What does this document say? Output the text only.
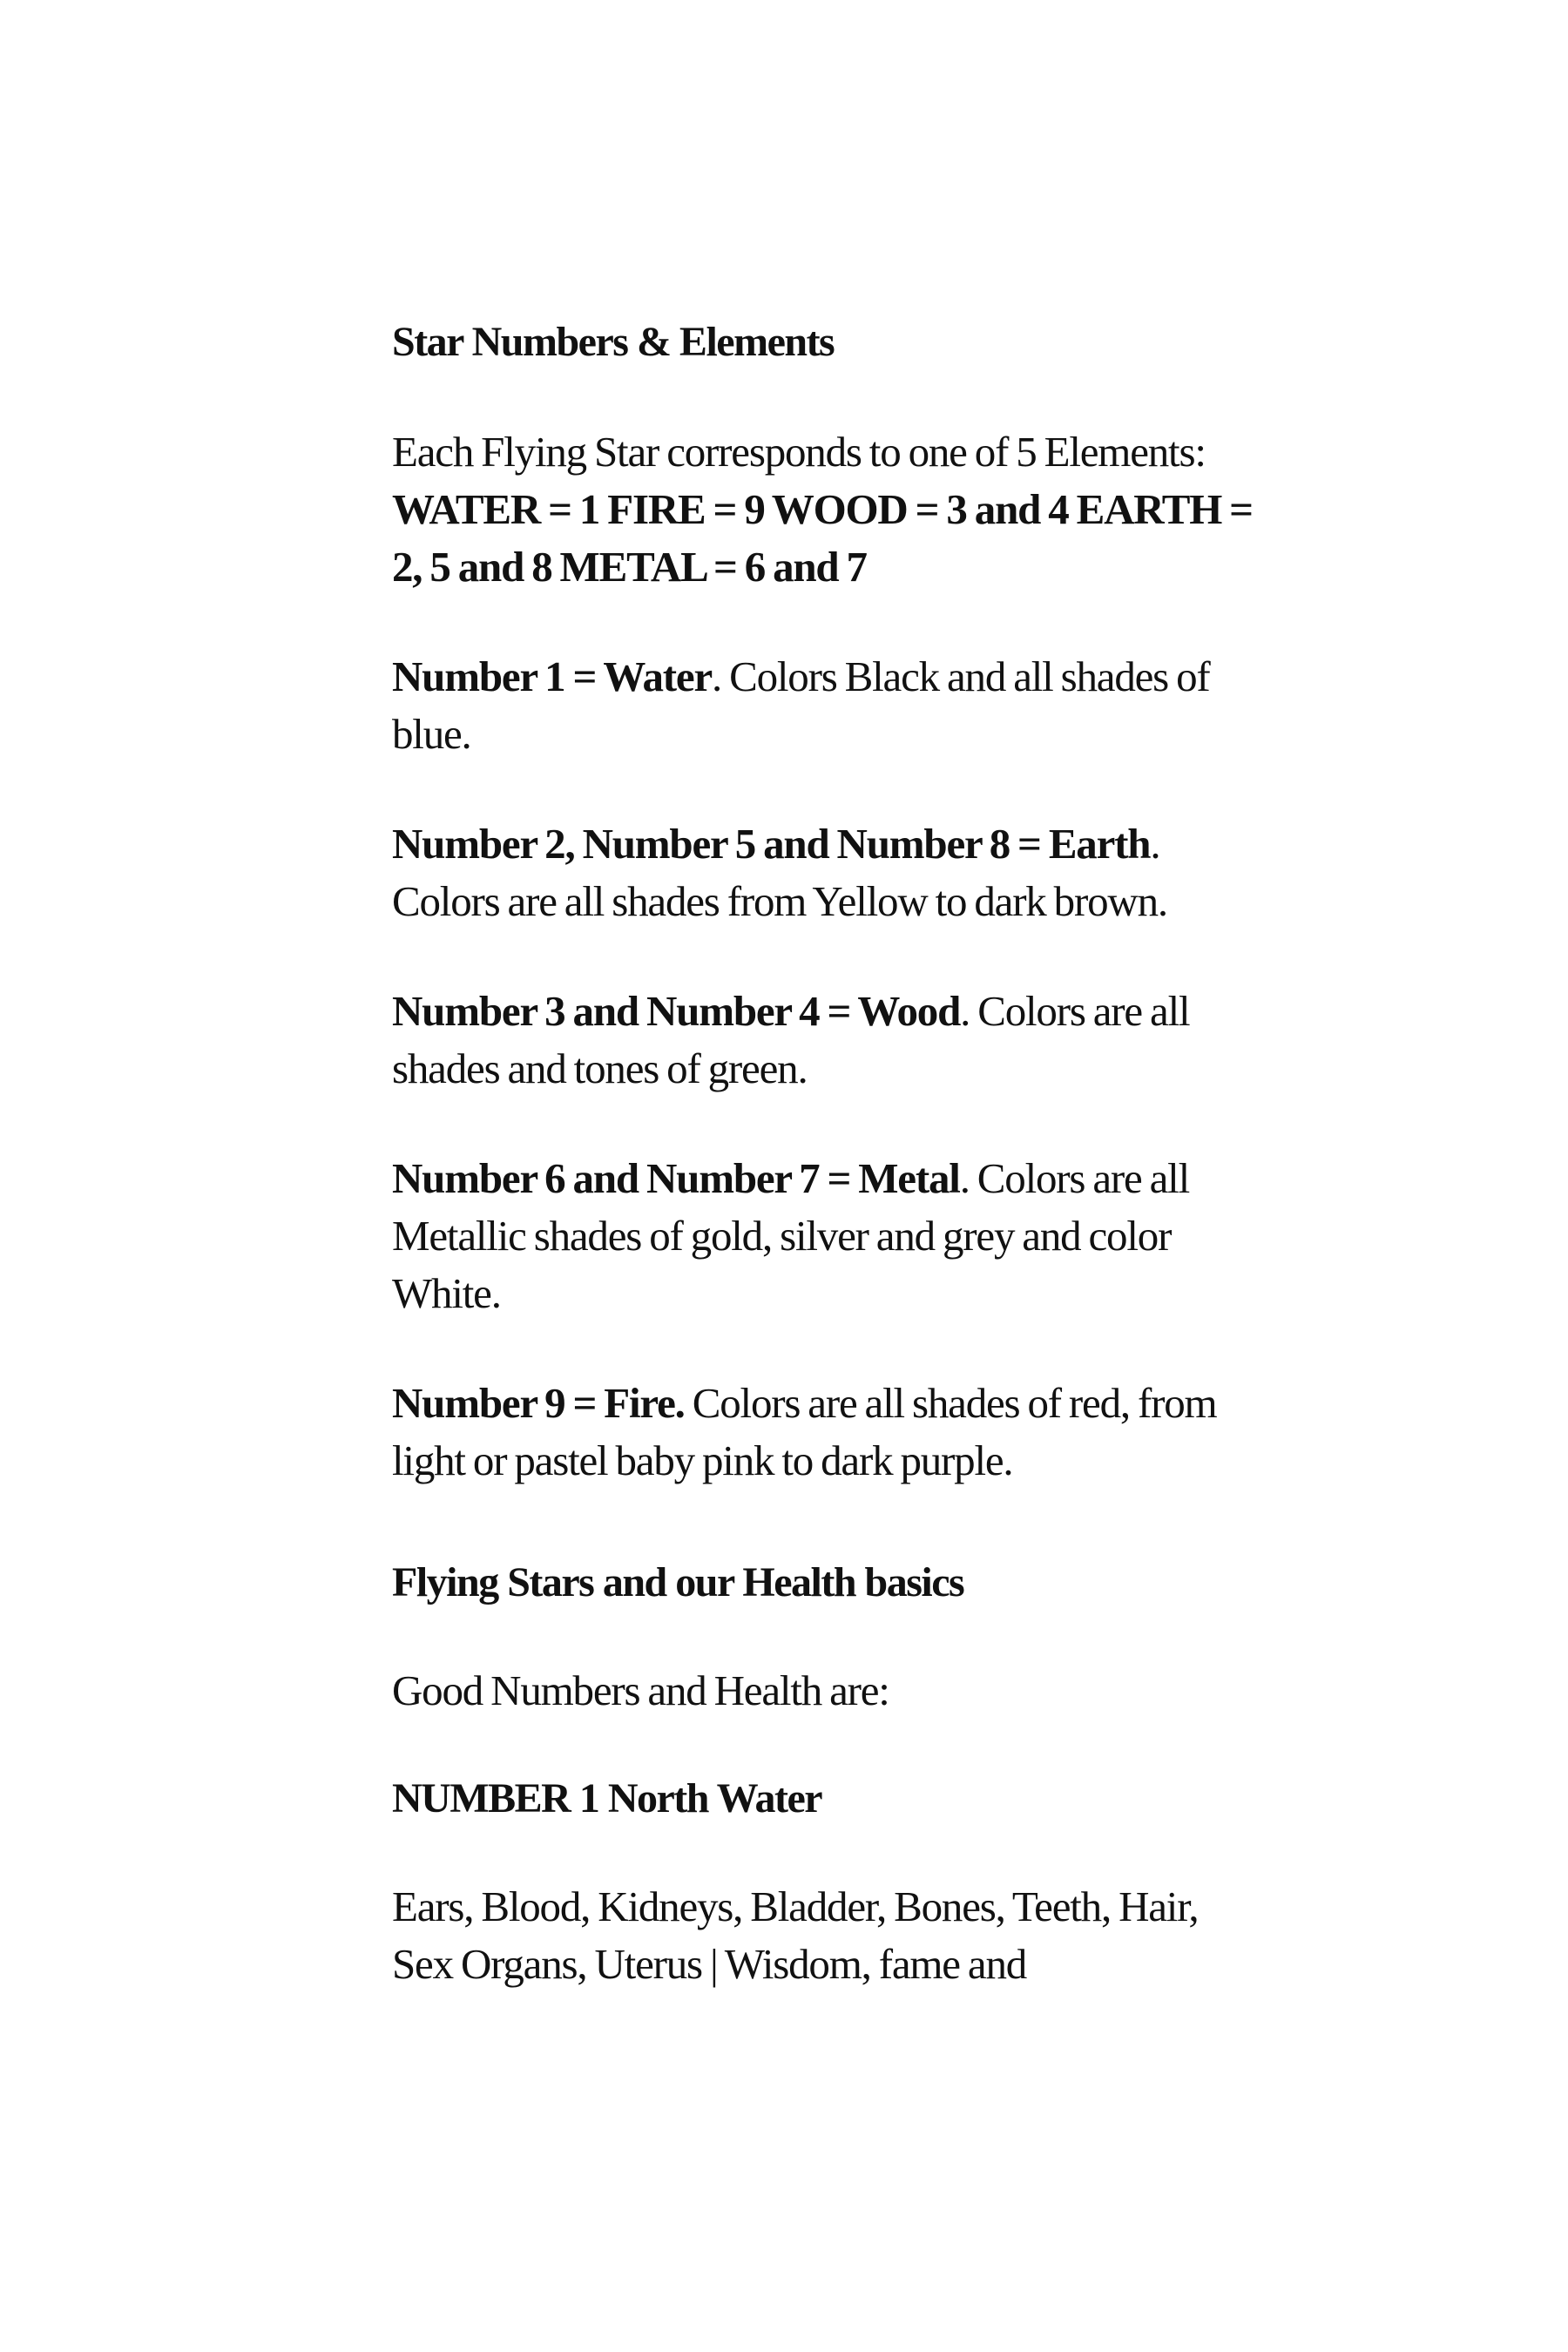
Star Numbers & Elements

Each Flying Star corresponds to one of 5 Elements: WATER = 1 FIRE = 9 WOOD = 3 and 4 EARTH = 2, 5 and 8 METAL = 6 and 7

Number 1 = Water. Colors Black and all shades of blue.

Number 2, Number 5 and Number 8 = Earth. Colors are all shades from Yellow to dark brown.

Number 3 and Number 4 = Wood. Colors are all shades and tones of green.

Number 6 and Number 7 = Metal. Colors are all Metallic shades of gold, silver and grey and color White.

Number 9 = Fire. Colors are all shades of red, from light or pastel baby pink to dark purple.

Flying Stars and our Health basics

Good Numbers and Health are:

NUMBER 1 North Water

Ears, Blood, Kidneys, Bladder, Bones, Teeth, Hair, Sex Organs, Uterus | Wisdom, fame and
